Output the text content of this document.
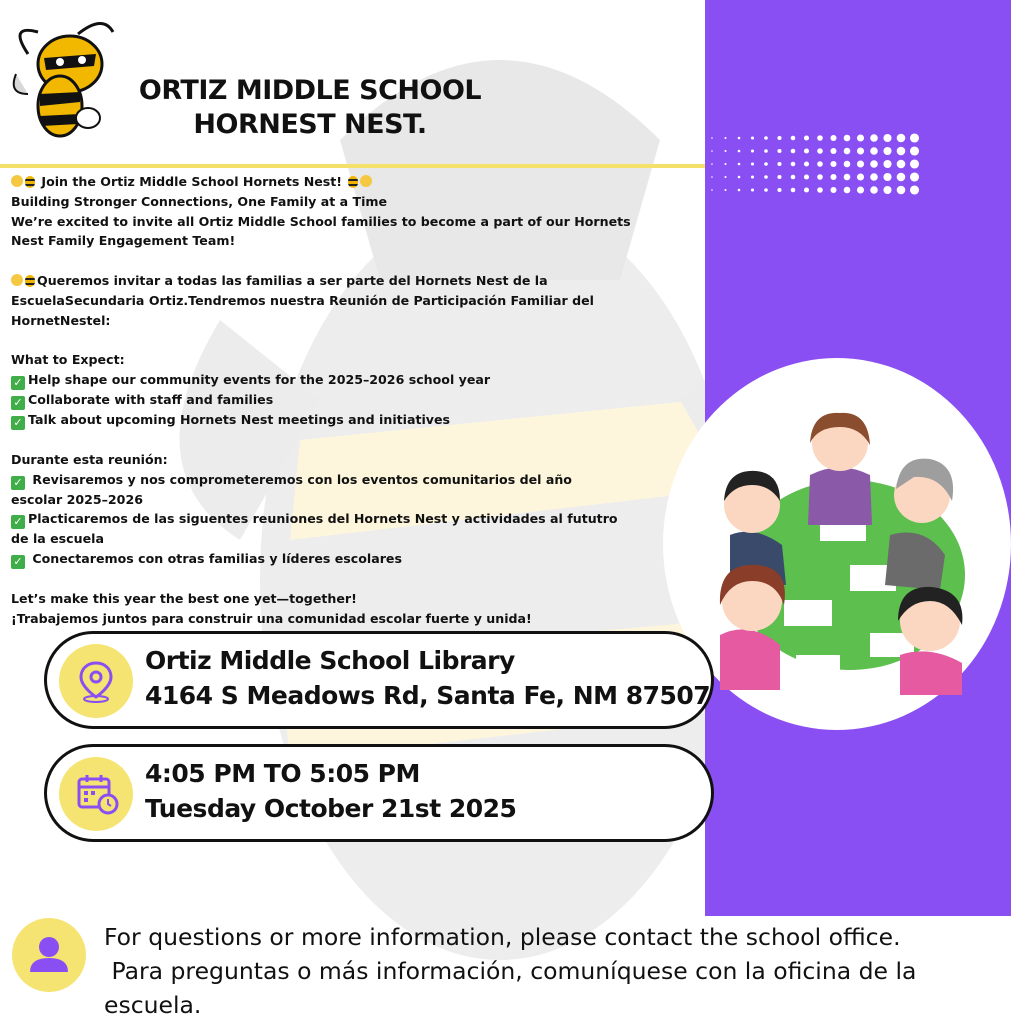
ORTIZ MIDDLE SCHOOL
HORNEST NEST.
Join the Ortiz Middle School Hornets Nest!
Building Stronger Connections, One Family at a Time
We’re excited to invite all Ortiz Middle School families to become a part of our Hornets
Nest Family Engagement Team!
Queremos invitar a todas las familias a ser parte del Hornets Nest de la
EscuelaSecundaria Ortiz.Tendremos nuestra Reunión de Participación Familiar del
HornetNestel:
What to Expect:
✓ Help shape our community events for the 2025–2026 school year
✓ Collaborate with staff and families
✓ Talk about upcoming Hornets Nest meetings and initiatives
Durante esta reunión:
✓ Revisaremos y nos comprometeremos con los eventos comunitarios del año
escolar 2025–2026
✓ Placticaremos de las siguentes reuniones del Hornets Nest y actividades al fututro
de la escuela
✓ Conectaremos con otras familias y líderes escolares
Let’s make this year the best one yet—together!
¡Trabajemos juntos para construir una comunidad escolar fuerte y unida!
Ortiz Middle School Library
4164 S Meadows Rd, Santa Fe, NM 87507
4:05 PM TO 5:05 PM
Tuesday October 21st 2025
For questions or more information, please contact the school office.
Para preguntas o más información, comuníquese con la oficina de la
escuela.
